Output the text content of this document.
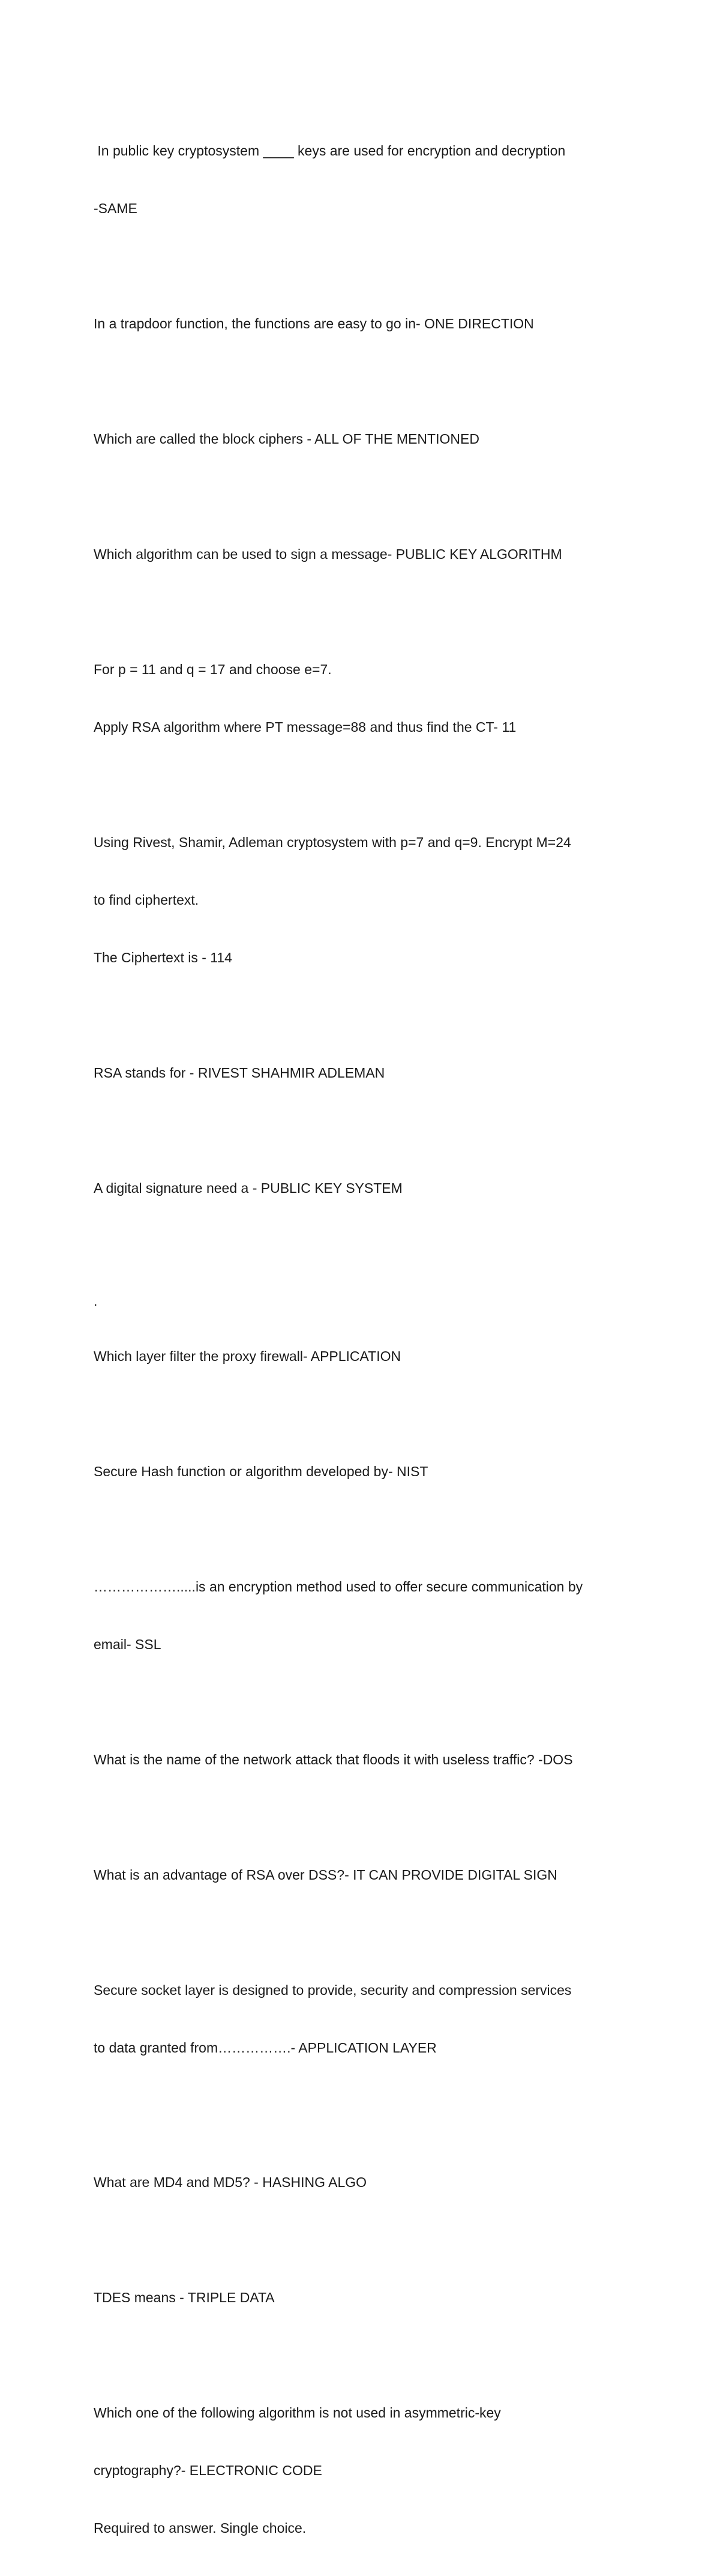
In public key cryptosystem ____ keys are used for encryption and decryption

-SAME

In a trapdoor function, the functions are easy to go in- ONE DIRECTION

Which are called the block ciphers - ALL OF THE MENTIONED

Which algorithm can be used to sign a message- PUBLIC KEY ALGORITHM

For p = 11 and q = 17 and choose e=7.

Apply RSA algorithm where PT message=88 and thus find the CT- 11

Using Rivest, Shamir, Adleman cryptosystem with p=7 and q=9. Encrypt M=24

to find ciphertext.

The Ciphertext is - 114

RSA stands for - RIVEST SHAHMIR ADLEMAN

A digital signature need a - PUBLIC KEY SYSTEM

.

Which layer filter the proxy firewall- APPLICATION

Secure Hash function or algorithm developed by- NIST

……………….....is an encryption method used to offer secure communication by

email- SSL

What is the name of the network attack that floods it with useless traffic? -DOS

What is an advantage of RSA over DSS?- IT CAN PROVIDE DIGITAL SIGN

Secure socket layer is designed to provide, security and compression services

to data granted from…………….- APPLICATION LAYER

What are MD4 and MD5? - HASHING ALGO

TDES means - TRIPLE DATA

Which one of the following algorithm is not used in asymmetric-key

cryptography?- ELECTRONIC CODE

Required to answer. Single choice.
